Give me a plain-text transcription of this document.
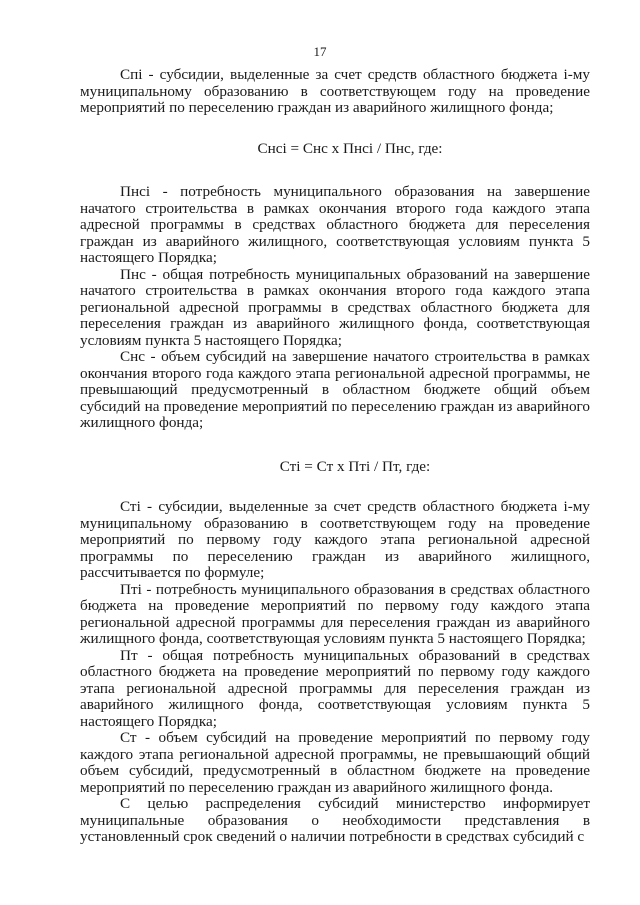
17

Спi - субсидии, выделенные за счет средств областного бюджета i-му муниципальному образованию в соответствующем году на проведение мероприятий по переселению граждан из аварийного жилищного фонда;

Снсi = Снс х Пнсi / Пнс, где:

Пнсi - потребность муниципального образования на завершение начатого строительства в рамках окончания второго года каждого этапа адресной программы в средствах областного бюджета для переселения граждан из аварийного жилищного, соответствующая условиям пункта 5 настоящего Порядка;

Пнс - общая потребность муниципальных образований на завершение начатого строительства в рамках окончания второго года каждого этапа региональной адресной программы в средствах областного бюджета для переселения граждан из аварийного жилищного фонда, соответствующая условиям пункта 5 настоящего Порядка;

Снс - объем субсидий на завершение начатого строительства в рамках окончания второго года каждого этапа региональной адресной программы, не превышающий предусмотренный в областном бюджете общий объем субсидий на проведение мероприятий по переселению граждан из аварийного жилищного фонда;

Стi = Ст х Птi / Пт, где:

Стi - субсидии, выделенные за счет средств областного бюджета i-му муниципальному образованию в соответствующем году на проведение мероприятий по первому году каждого этапа региональной адресной программы по переселению граждан из аварийного жилищного, рассчитывается по формуле;

Птi - потребность муниципального образования в средствах областного бюджета на проведение мероприятий по первому году каждого этапа региональной адресной программы для переселения граждан из аварийного жилищного фонда, соответствующая условиям пункта 5 настоящего Порядка;

Пт - общая потребность муниципальных образований в средствах областного бюджета на проведение мероприятий по первому году каждого этапа региональной адресной программы для переселения граждан из аварийного жилищного фонда, соответствующая условиям пункта 5 настоящего Порядка;

Ст - объем субсидий на проведение мероприятий по первому году каждого этапа региональной адресной программы, не превышающий общий объем субсидий, предусмотренный в областном бюджете на проведение мероприятий по переселению граждан из аварийного жилищного фонда.

С целью распределения субсидий министерство информирует муниципальные образования о необходимости представления в установленный срок сведений о наличии потребности в средствах субсидий с
